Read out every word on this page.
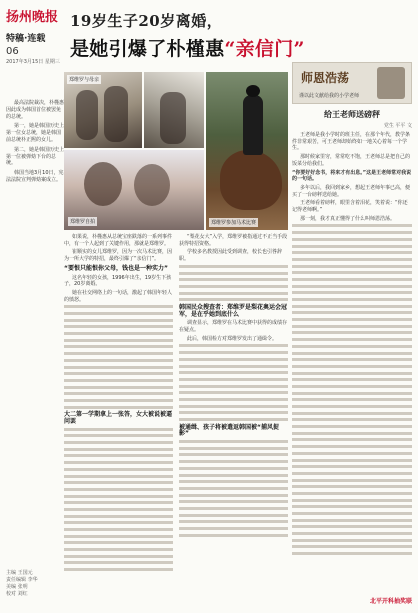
扬州晚报
特稿·连载
06
2017年3月15日 星期三
19岁生子20岁离婚，
是她引爆了朴槿惠“亲信门”

最高法院裁决，朴槿惠因此成为韩国首位被罢免的总统。

第一，她是韩国历史上第一位女总统，她是韩国前总统朴正熙的女儿。

第二，她是韩国历史上第一位被弹劾下台的总统。

韩国当地3月10日，宪法法院宣判弹劾案成立。

郑维罗与母亲
郑维罗自拍	郑维罗参加马术比赛
师恩浩荡
谨以此文献给我的小学老师
给王老师送磅秤
党生 平平 文

王老师是我小学时的班主任，在那个年代，教学条件非常艰苦，可王老师却始终如一地关心着每一个学生。

那时候家里穷，常常吃不饱，王老师总是把自己的饭菜分给我们。

“你要好好念书，将来才有出息。”这是王老师常对我说的一句话。

多年以后，我回到家乡，想起王老师年事已高，便买了一台磅秤送给她。

王老师看着磅秤，眼里含着泪花，笑着说：“你还记得老师啊。”

那一刻，我才真正懂得了什么叫师恩浩荡。

如果说，朴槿惠从总统宝座跌落的一系列事件中，有一个人起到了关键作用，那就是郑维罗。

崔顺实的女儿郑维罗，因为一次马术比赛，因为一所大学的特招，最终引爆了“亲信门”。

“要恨只能恨你父母，钱也是一种实力”

这名年轻的女孩，1996年出生，19岁生下孩子，20岁离婚。

她在社交网络上的一句话，激起了韩国年轻人的愤怒。

大二第一学期拿上一张答，女大被说被逼问罢

“梨花女大”入学，郑维罗被指通过不正当手段获得特招资格。

学校多名教授因此受到调查，校长也引咎辞职。

韩国民众搜查者：郑维罗是梨花奥运会冠军，是在乎她到底什么

调查显示，郑维罗在马术比赛中获得的成绩存在疑点。

此后，韩国检方对郑维罗发出了通缉令。

被通缉、孩子将被遣返韩国被“捕风捉影”
主编 王国元
责任编辑 李华
美编 张明
校对 刘红
北平开科抽奖联
